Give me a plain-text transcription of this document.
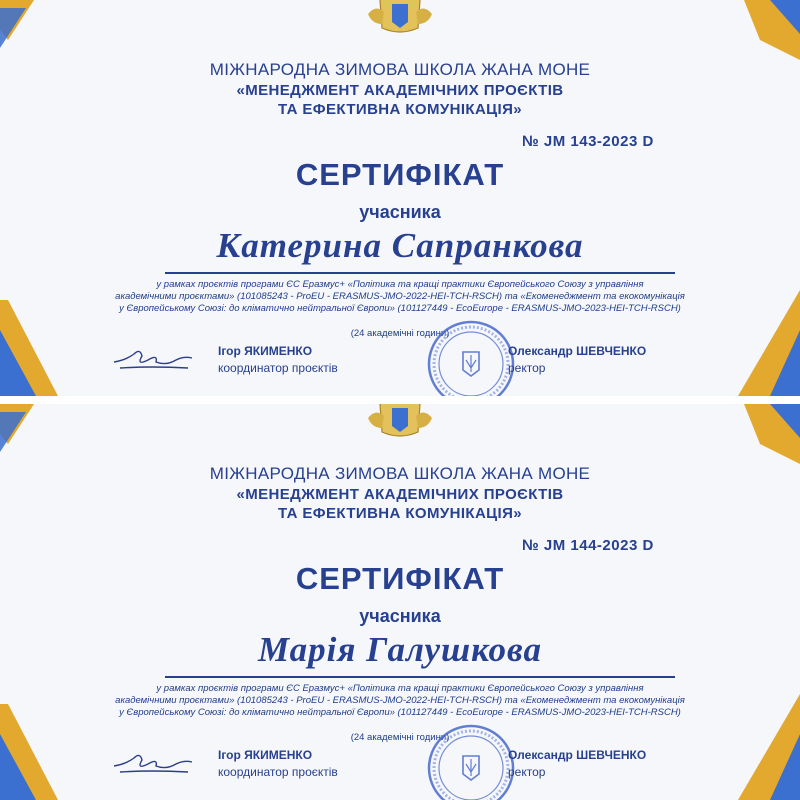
МІЖНАРОДНА ЗИМОВА ШКОЛА ЖАНА МОНЕ
«МЕНЕДЖМЕНТ АКАДЕМІЧНИХ ПРОЄКТІВ
ТА ЕФЕКТИВНА КОМУНІКАЦІЯ»
№ JM 143-2023 D
СЕРТИФІКАТ
учасника
Катерина Сапранкова
у рамках проєктів програми ЄС Еразмус+ «Політика та кращі практики Європейського Союзу з управління
академічними проєктами» (101085243 - ProEU - ERASMUS-JMO-2022-HEI-TCH-RSCH) та «Екоменеджмент та екокомунікація
у Європейському Союзі: до кліматично нейтральної Європи» (101127449 - EcoEurope - ERASMUS-JMO-2023-HEI-TCH-RSCH)
(24 академічні години)
Ігор ЯКИМЕНКО
координатор проєктів
Олександр ШЕВЧЕНКО
ректор
МІЖНАРОДНА ЗИМОВА ШКОЛА ЖАНА МОНЕ
«МЕНЕДЖМЕНТ АКАДЕМІЧНИХ ПРОЄКТІВ
ТА ЕФЕКТИВНА КОМУНІКАЦІЯ»
№ JM 144-2023 D
СЕРТИФІКАТ
учасника
Марія Галушкова
у рамках проєктів програми ЄС Еразмус+ «Політика та кращі практики Європейського Союзу з управління
академічними проєктами» (101085243 - ProEU - ERASMUS-JMO-2022-HEI-TCH-RSCH) та «Екоменеджмент та екокомунікація
у Європейському Союзі: до кліматично нейтральної Європи» (101127449 - EcoEurope - ERASMUS-JMO-2023-HEI-TCH-RSCH)
(24 академічні години)
Ігор ЯКИМЕНКО
координатор проєктів
Олександр ШЕВЧЕНКО
ректор
